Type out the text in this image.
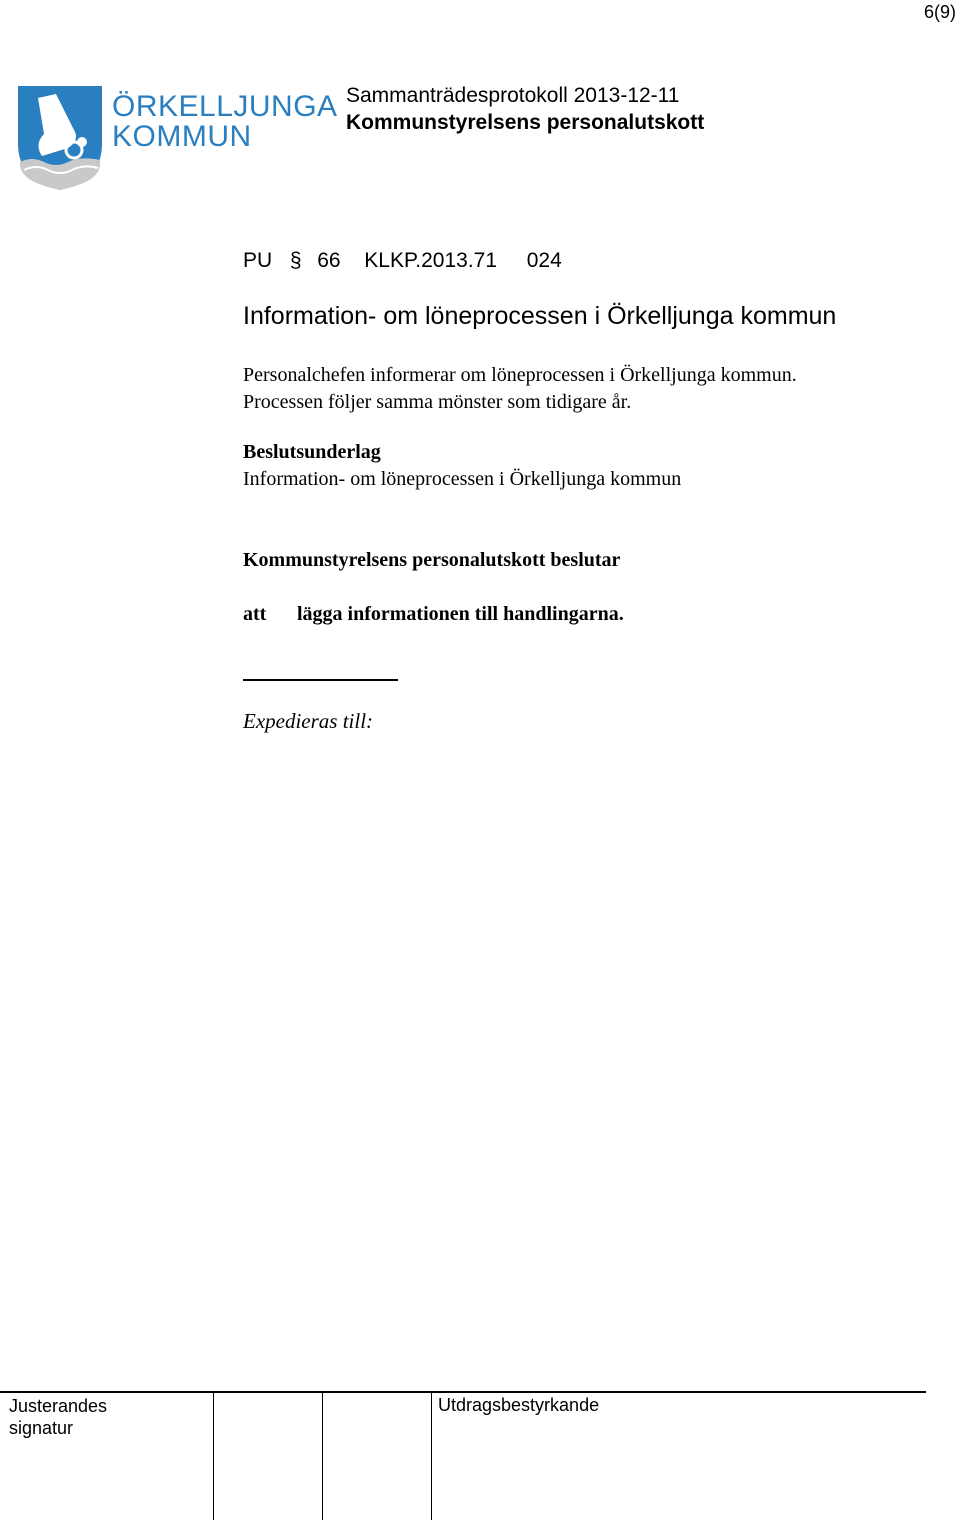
6(9)
ÖRKELLJUNGA
KOMMUN
Sammanträdesprotokoll 2013-12-11
Kommunstyrelsens personalutskott
PU § 66 KLKP.2013.71 024
Information- om löneprocessen i Örkelljunga kommun
Personalchefen informerar om löneprocessen i Örkelljunga kommun.
Processen följer samma mönster som tidigare år.
Beslutsunderlag
Information- om löneprocessen i Örkelljunga kommun
Kommunstyrelsens personalutskott beslutar
att lägga informationen till handlingarna.
Expedieras till:
Justerandes signatur
Utdragsbestyrkande
